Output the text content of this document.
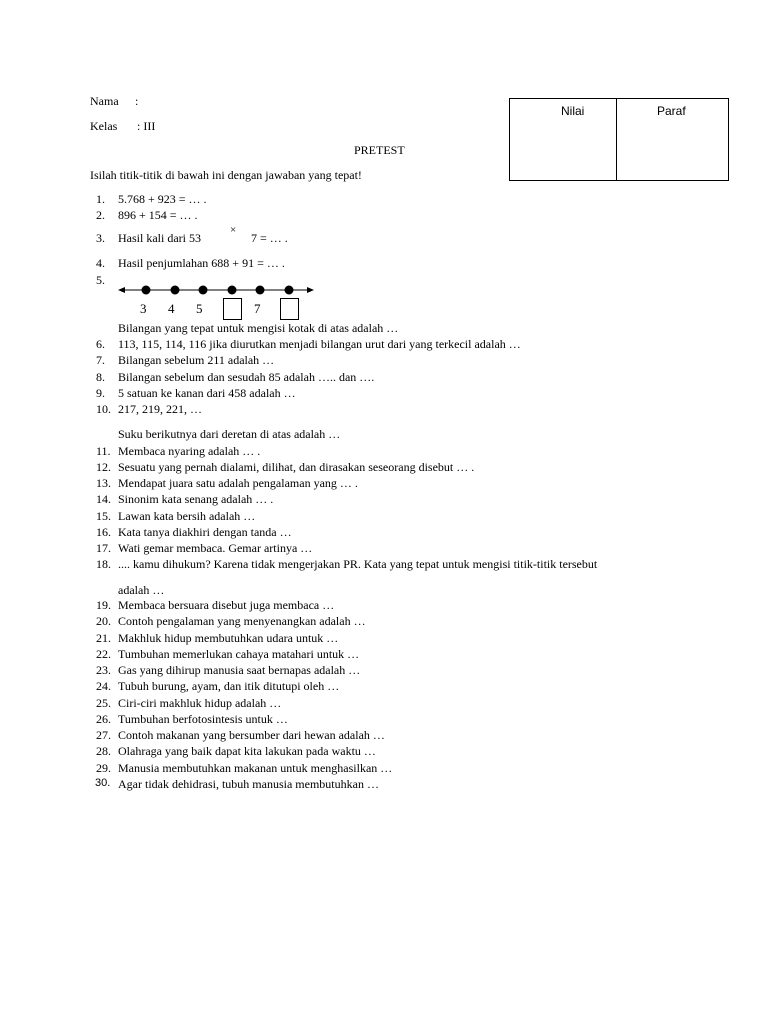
Nama :
Kelas : III
PRETEST
Isilah titik-titik di bawah ini dengan jawaban yang tepat!
Nilai	Paraf
1.	5.768 + 923 = … .
2.	896 + 154 = … .
3.
4.	Hasil penjumlahan 688 + 91 = … .
5.
6.	113, 115, 114, 116 jika diurutkan menjadi bilangan urut dari yang terkecil adalah …
7.	Bilangan sebelum 211 adalah …
8.	Bilangan sebelum dan sesudah 85 adalah ….. dan ….
9.	5 satuan ke kanan dari 458 adalah …
10. 217, 219, 221, …
11. Membaca nyaring adalah … .
12. Sesuatu yang pernah dialami, dilihat, dan dirasakan seseorang disebut … .
13. Mendapat juara satu adalah pengalaman yang … .
14. Sinonim kata senang adalah … .
15. Lawan kata bersih adalah …
16. Kata tanya diakhiri dengan tanda …
17. Wati gemar membaca. Gemar artinya …
18. .... kamu dihukum? Karena tidak mengerjakan PR. Kata yang tepat untuk mengisi titik-titik tersebut
19. Membaca bersuara disebut juga membaca …
20. Contoh pengalaman yang menyenangkan adalah …
21. Makhluk hidup membutuhkan udara untuk …
22. Tumbuhan memerlukan cahaya matahari untuk …
23. Gas yang dihirup manusia saat bernapas adalah …
24. Tubuh burung, ayam, dan itik ditutupi oleh …
25. Ciri-ciri makhluk hidup adalah …
26. Tumbuhan berfotosintesis untuk …
27. Contoh makanan yang bersumber dari hewan adalah …
28. Olahraga yang baik dapat kita lakukan pada waktu …
29. Manusia membutuhkan makanan untuk menghasilkan …
30. Agar tidak dehidrasi, tubuh manusia membutuhkan …
Hasil kali dari 53
×
7 = … .
3 4 5	7
Bilangan yang tepat untuk mengisi kotak di atas adalah …
Suku berikutnya dari deretan di atas adalah …
adalah …
